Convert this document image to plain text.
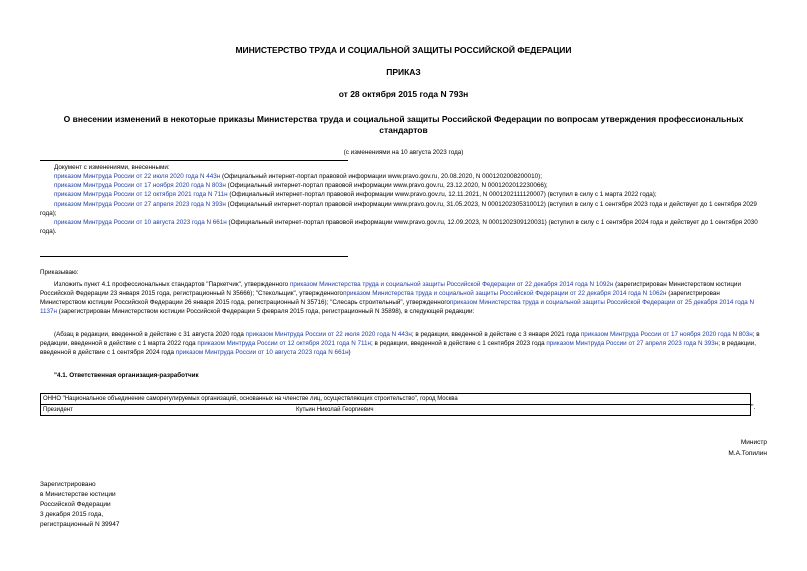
МИНИСТЕРСТВО ТРУДА И СОЦИАЛЬНОЙ ЗАЩИТЫ РОССИЙСКОЙ ФЕДЕРАЦИИ
ПРИКАЗ
от 28 октября 2015 года N 793н
О внесении изменений в некоторые приказы Министерства труда и социальной защиты Российской Федерации по вопросам утверждения профессиональных стандартов
(с изменениями на 10 августа 2023 года)

Документ с изменениями, внесенными:

приказом Минтруда России от 22 июля 2020 года N 443н (Официальный интернет-портал правовой информации www.pravo.gov.ru, 20.08.2020, N 0001202008200010);

приказом Минтруда России от 17 ноября 2020 года N 803н (Официальный интернет-портал правовой информации www.pravo.gov.ru, 23.12.2020, N 0001202012230066);

приказом Минтруда России от 12 октября 2021 года N 711н (Официальный интернет-портал правовой информации www.pravo.gov.ru, 12.11.2021, N 0001202111120007) (вступил в силу с 1 марта 2022 года);

приказом Минтруда России от 27 апреля 2023 года N 393н (Официальный интернет-портал правовой информации www.pravo.gov.ru, 31.05.2023, N 0001202305310012) (вступил в силу с 1 сентября 2023 года и действует до 1 сентября 2029 года);

приказом Минтруда России от 10 августа 2023 года N 661н (Официальный интернет-портал правовой информации www.pravo.gov.ru, 12.09.2023, N 0001202309120031) (вступил в силу с 1 сентября 2024 года и действует до 1 сентября 2030 года).

Приказываю:

Изложить пункт 4.1 профессиональных стандартов "Паркетчик", утвержденного приказом Министерства труда и социальной защиты Российской Федерации от 22 декабря 2014 года N 1092н (зарегистрирован Министерством юстиции Российской Федерации 23 января 2015 года, регистрационный N 35666); "Стекольщик", утвержденногоприказом Министерства труда и социальной защиты Российской Федерации от 22 декабря 2014 года N 1062н (зарегистрирован Министерством юстиции Российской Федерации 26 января 2015 года, регистрационный N 35716); "Слесарь строительный", утвержденногоприказом Министерства труда и социальной защиты Российской Федерации от 25 декабря 2014 года N 1137н (зарегистрирован Министерством юстиции Российской Федерации 5 февраля 2015 года, регистрационный N 35898), в следующей редакции:

(Абзац в редакции, введенной в действие с 31 августа 2020 года приказом Минтруда России от 22 июля 2020 года N 443н; в редакции, введенной в действие с 3 января 2021 года приказом Минтруда России от 17 ноября 2020 года N 803н; в редакции, введенной в действие с 1 марта 2022 года приказом Минтруда России от 12 октября 2021 года N 711н; в редакции, введенной в действие с 1 сентября 2023 года приказом Минтруда России от 27 апреля 2023 года N 393н; в редакции, введенной в действие с 1 сентября 2024 года приказом Минтруда России от 10 августа 2023 года N 661н)

"4.1. Ответственная организация-разработчик

ОННО "Национальное объединение саморегулируемых организаций, основанных на членстве лиц, осуществляющих строительство", город Москва
Президент	Кутьин Николай Георгиевич	".
Министр
М.А.Топилин

Зарегистрировано

в Министерстве юстиции

Российской Федерации

3 декабря 2015 года,

регистрационный N 39947
